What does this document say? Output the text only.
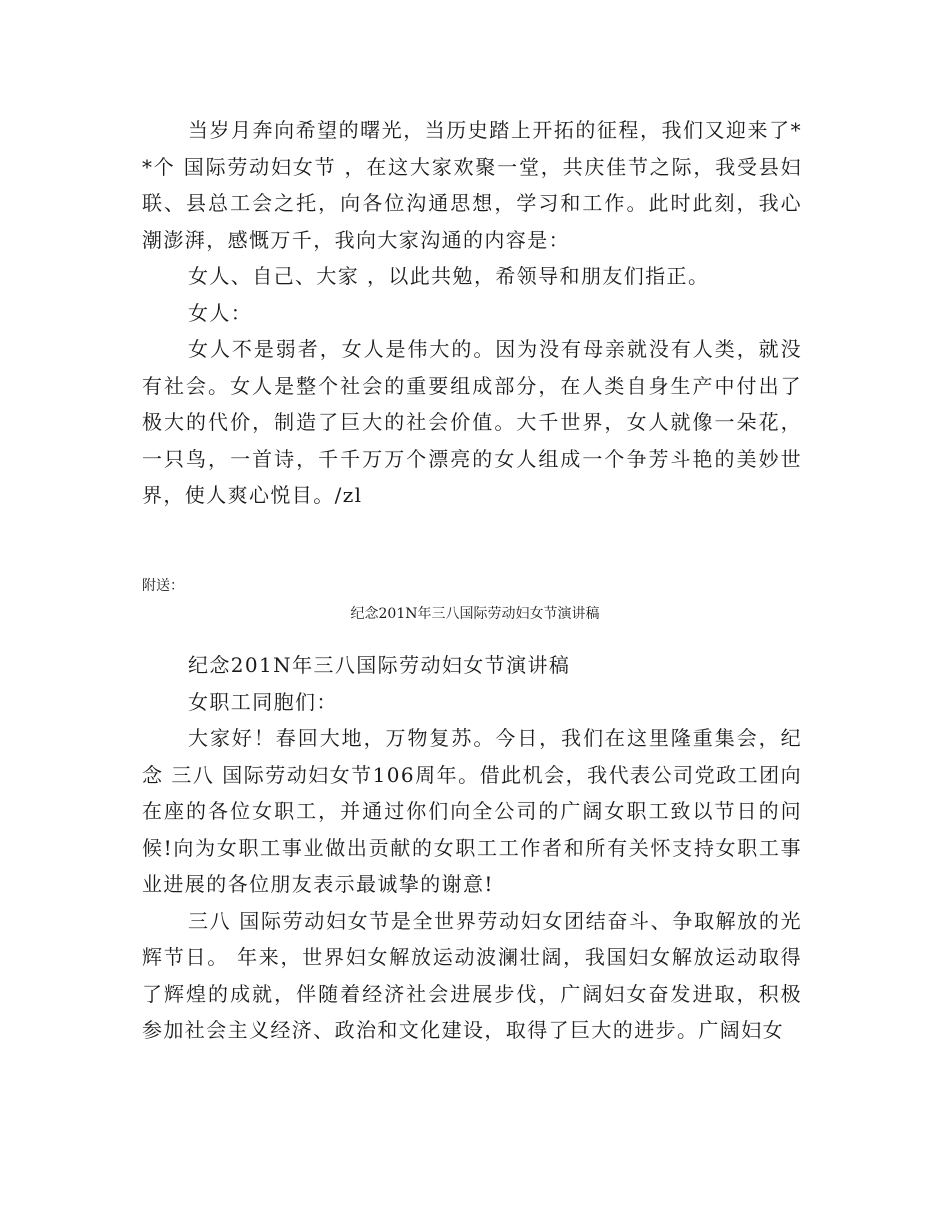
当岁月奔向希望的曙光，当历史踏上开拓的征程，我们又迎来了**个 国际劳动妇女节 ，在这大家欢聚一堂，共庆佳节之际，我受县妇联、县总工会之托，向各位沟通思想，学习和工作。此时此刻，我心潮澎湃，感慨万千，我向大家沟通的内容是：

女人、自己、大家 ，以此共勉，希领导和朋友们指正。

女人：

女人不是弱者，女人是伟大的。因为没有母亲就没有人类，就没有社会。女人是整个社会的重要组成部分，在人类自身生产中付出了极大的代价，制造了巨大的社会价值。大千世界，女人就像一朵花，一只鸟，一首诗，千千万万个漂亮的女人组成一个争芳斗艳的美妙世界，使人爽心悦目。/zl

附送：

纪念201N年三八国际劳动妇女节演讲稿

纪念201N年三八国际劳动妇女节演讲稿

女职工同胞们：

大家好！春回大地，万物复苏。今日，我们在这里隆重集会，纪念 三八 国际劳动妇女节106周年。借此机会，我代表公司党政工团向在座的各位女职工，并通过你们向全公司的广阔女职工致以节日的问候!向为女职工事业做出贡献的女职工工作者和所有关怀支持女职工事业进展的各位朋友表示最诚挚的谢意!

三八 国际劳动妇女节是全世界劳动妇女团结奋斗、争取解放的光辉节日。 年来，世界妇女解放运动波澜壮阔，我国妇女解放运动取得了辉煌的成就，伴随着经济社会进展步伐，广阔妇女奋发进取，积极参加社会主义经济、政治和文化建设，取得了巨大的进步。广阔妇女
